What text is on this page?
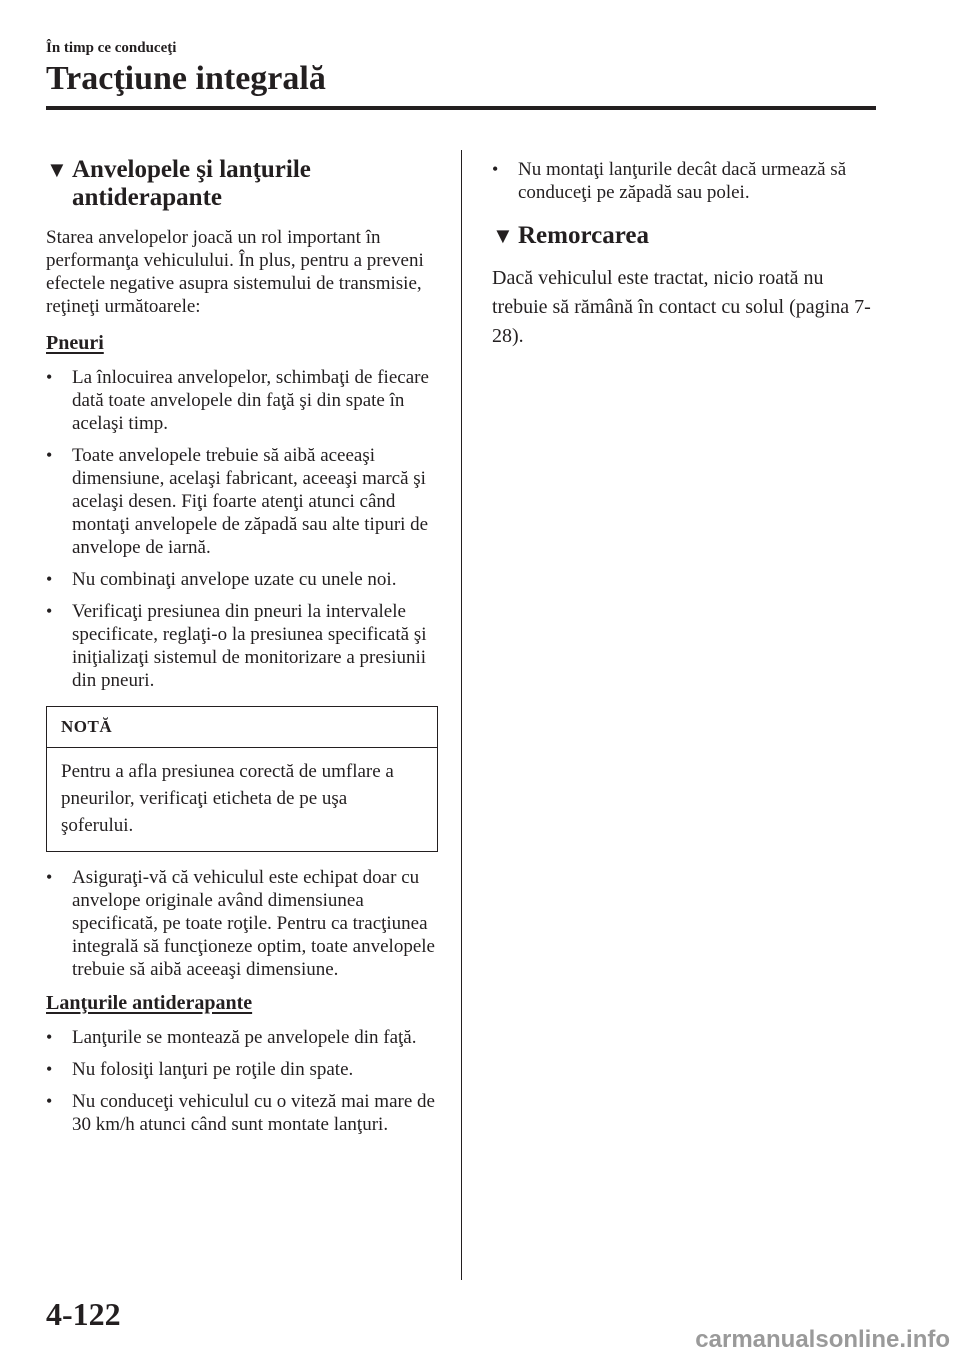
În timp ce conduceţi
Tracţiune integrală
▼ Anvelopele şi lanţurile antiderapante

Starea anvelopelor joacă un rol important în performanţa vehiculului. În plus, pentru a preveni efectele negative asupra sistemului de transmisie, reţineţi următoarele:

Pneuri
•	La înlocuirea anvelopelor, schimbaţi de fiecare dată toate anvelopele din faţă şi din spate în acelaşi timp.
•	Toate anvelopele trebuie să aibă aceeaşi dimensiune, acelaşi fabricant, aceeaşi marcă şi acelaşi desen. Fiţi foarte atenţi atunci când montaţi anvelopele de zăpadă sau alte tipuri de anvelope de iarnă.
•	Nu combinaţi anvelope uzate cu unele noi.
•	Verificaţi presiunea din pneuri la intervalele specificate, reglaţi-o la presiunea specificată şi iniţializaţi sistemul de monitorizare a presiunii din pneuri.
NOTĂ
Pentru a afla presiunea corectă de umflare a pneurilor, verificaţi eticheta de pe uşa şoferului.
•	Asiguraţi-vă că vehiculul este echipat doar cu anvelope originale având dimensiunea specificată, pe toate roţile. Pentru ca tracţiunea integrală să funcţioneze optim, toate anvelopele trebuie să aibă aceeaşi dimensiune.
Lanţurile antiderapante
•	Lanţurile se montează pe anvelopele din faţă.
•	Nu folosiţi lanţuri pe roţile din spate.
•	Nu conduceţi vehiculul cu o viteză mai mare de 30 km/h atunci când sunt montate lanţuri.
•	Nu montaţi lanţurile decât dacă urmează să conduceţi pe zăpadă sau polei.
▼ Remorcarea

Dacă vehiculul este tractat, nicio roată nu trebuie să rămână în contact cu solul (pagina 7-28).

4-122
carmanualsonline.info
